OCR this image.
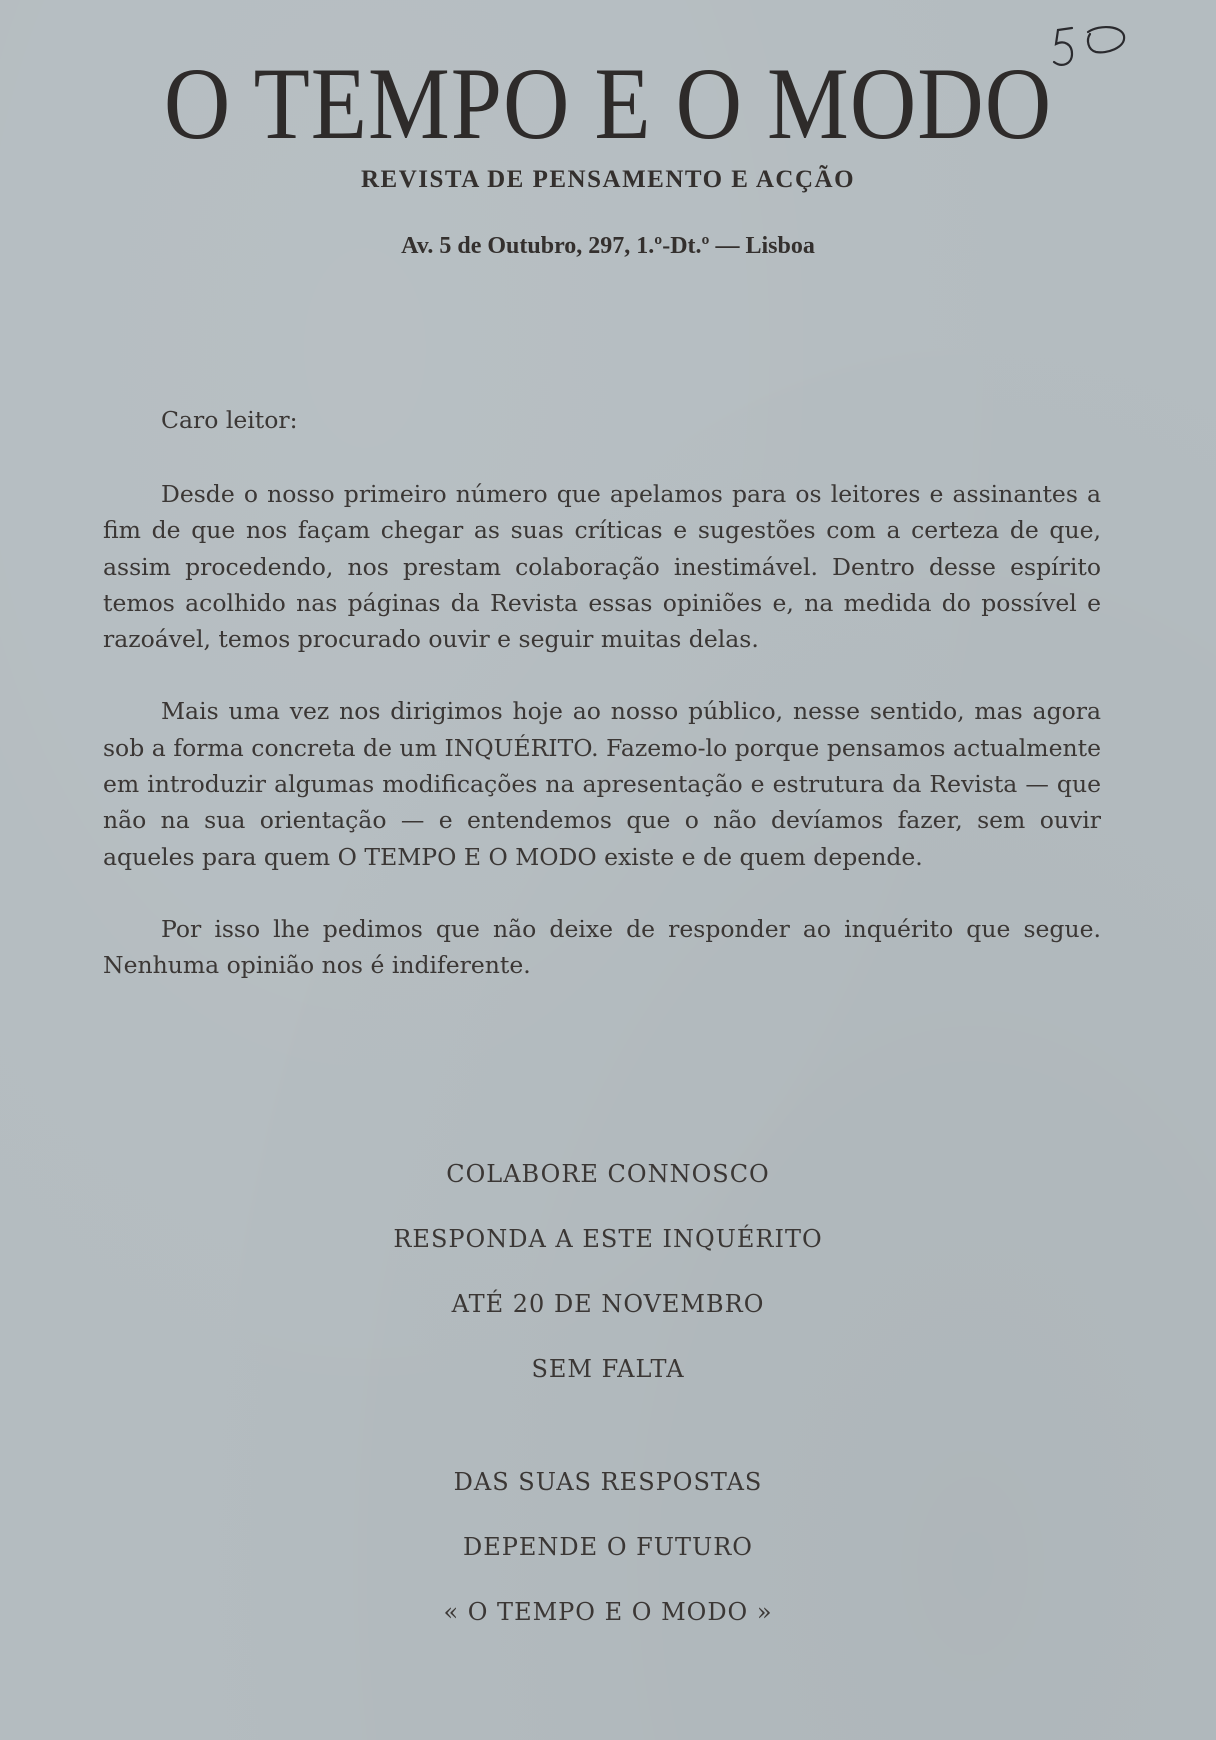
O TEMPO E O MODO
REVISTA DE PENSAMENTO E ACÇÃO
Av. 5 de Outubro, 297, 1.º-Dt.º — Lisboa

Caro leitor:

Desde o nosso primeiro número que apelamos para os leitores e assinantes a fim de que nos façam chegar as suas críticas e sugestões com a certeza de que, assim procedendo, nos prestam colaboração inestimável. Dentro desse espírito temos acolhido nas páginas da Revista essas opiniões e, na medida do possível e razoável, temos procurado ouvir e seguir muitas delas.

Mais uma vez nos dirigimos hoje ao nosso público, nesse sentido, mas agora sob a forma concreta de um INQUÉRITO. Fazemo-lo porque pensamos actualmente em introduzir algumas modificações na apresentação e estrutura da Revista — que não na sua orientação — e entendemos que o não devíamos fazer, sem ouvir aqueles para quem O TEMPO E O MODO existe e de quem depende.

Por isso lhe pedimos que não deixe de responder ao inquérito que segue. Nenhuma opinião nos é indiferente.

COLABORE CONNOSCO
RESPONDA A ESTE INQUÉRITO
ATÉ 20 DE NOVEMBRO
SEM FALTA
DAS SUAS RESPOSTAS
DEPENDE O FUTURO
« O TEMPO E O MODO »
